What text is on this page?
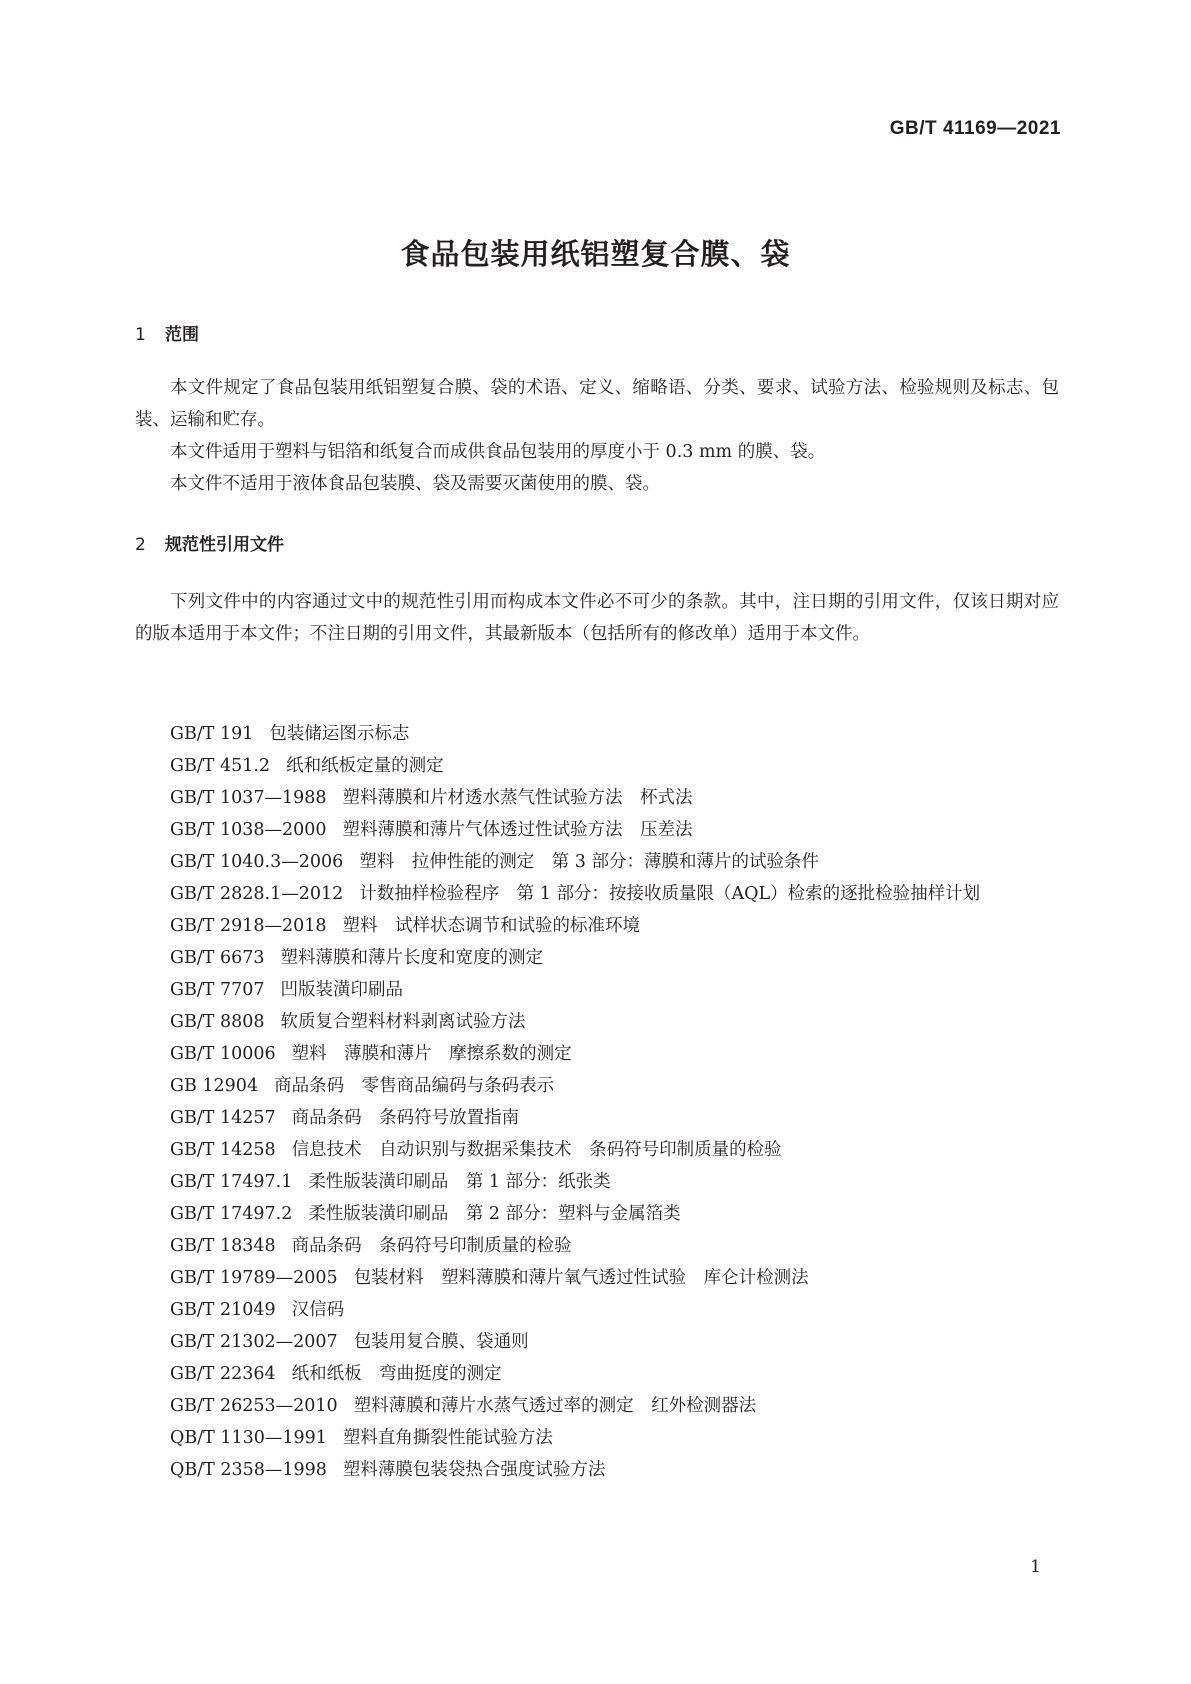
GB/T 41169—2021
食品包装用纸铝塑复合膜、袋
1 范围

本文件规定了食品包装用纸铝塑复合膜、袋的术语、定义、缩略语、分类、要求、试验方法、检验规则及标志、包装、运输和贮存。

本文件适用于塑料与铝箔和纸复合而成供食品包装用的厚度小于 0.3 mm 的膜、袋。

本文件不适用于液体食品包装膜、袋及需要灭菌使用的膜、袋。

2 规范性引用文件

下列文件中的内容通过文中的规范性引用而构成本文件必不可少的条款。其中，注日期的引用文件，仅该日期对应的版本适用于本文件；不注日期的引用文件，其最新版本（包括所有的修改单）适用于本文件。

GB/T 191 包装储运图示标志
GB/T 451.2 纸和纸板定量的测定
GB/T 1037—1988 塑料薄膜和片材透水蒸气性试验方法　杯式法
GB/T 1038—2000 塑料薄膜和薄片气体透过性试验方法　压差法
GB/T 1040.3—2006 塑料　拉伸性能的测定　第 3 部分：薄膜和薄片的试验条件
GB/T 2828.1—2012 计数抽样检验程序　第 1 部分：按接收质量限（AQL）检索的逐批检验抽样计划
GB/T 2918—2018 塑料　试样状态调节和试验的标准环境
GB/T 6673 塑料薄膜和薄片长度和宽度的测定
GB/T 7707 凹版装潢印刷品
GB/T 8808 软质复合塑料材料剥离试验方法
GB/T 10006 塑料　薄膜和薄片　摩擦系数的测定
GB 12904 商品条码　零售商品编码与条码表示
GB/T 14257 商品条码　条码符号放置指南
GB/T 14258 信息技术　自动识别与数据采集技术　条码符号印制质量的检验
GB/T 17497.1 柔性版装潢印刷品　第 1 部分：纸张类
GB/T 17497.2 柔性版装潢印刷品　第 2 部分：塑料与金属箔类
GB/T 18348 商品条码　条码符号印制质量的检验
GB/T 19789—2005 包装材料　塑料薄膜和薄片氧气透过性试验　库仑计检测法
GB/T 21049 汉信码
GB/T 21302—2007 包装用复合膜、袋通则
GB/T 22364 纸和纸板　弯曲挺度的测定
GB/T 26253—2010 塑料薄膜和薄片水蒸气透过率的测定　红外检测器法
QB/T 1130—1991 塑料直角撕裂性能试验方法
QB/T 2358—1998 塑料薄膜包装袋热合强度试验方法
1
